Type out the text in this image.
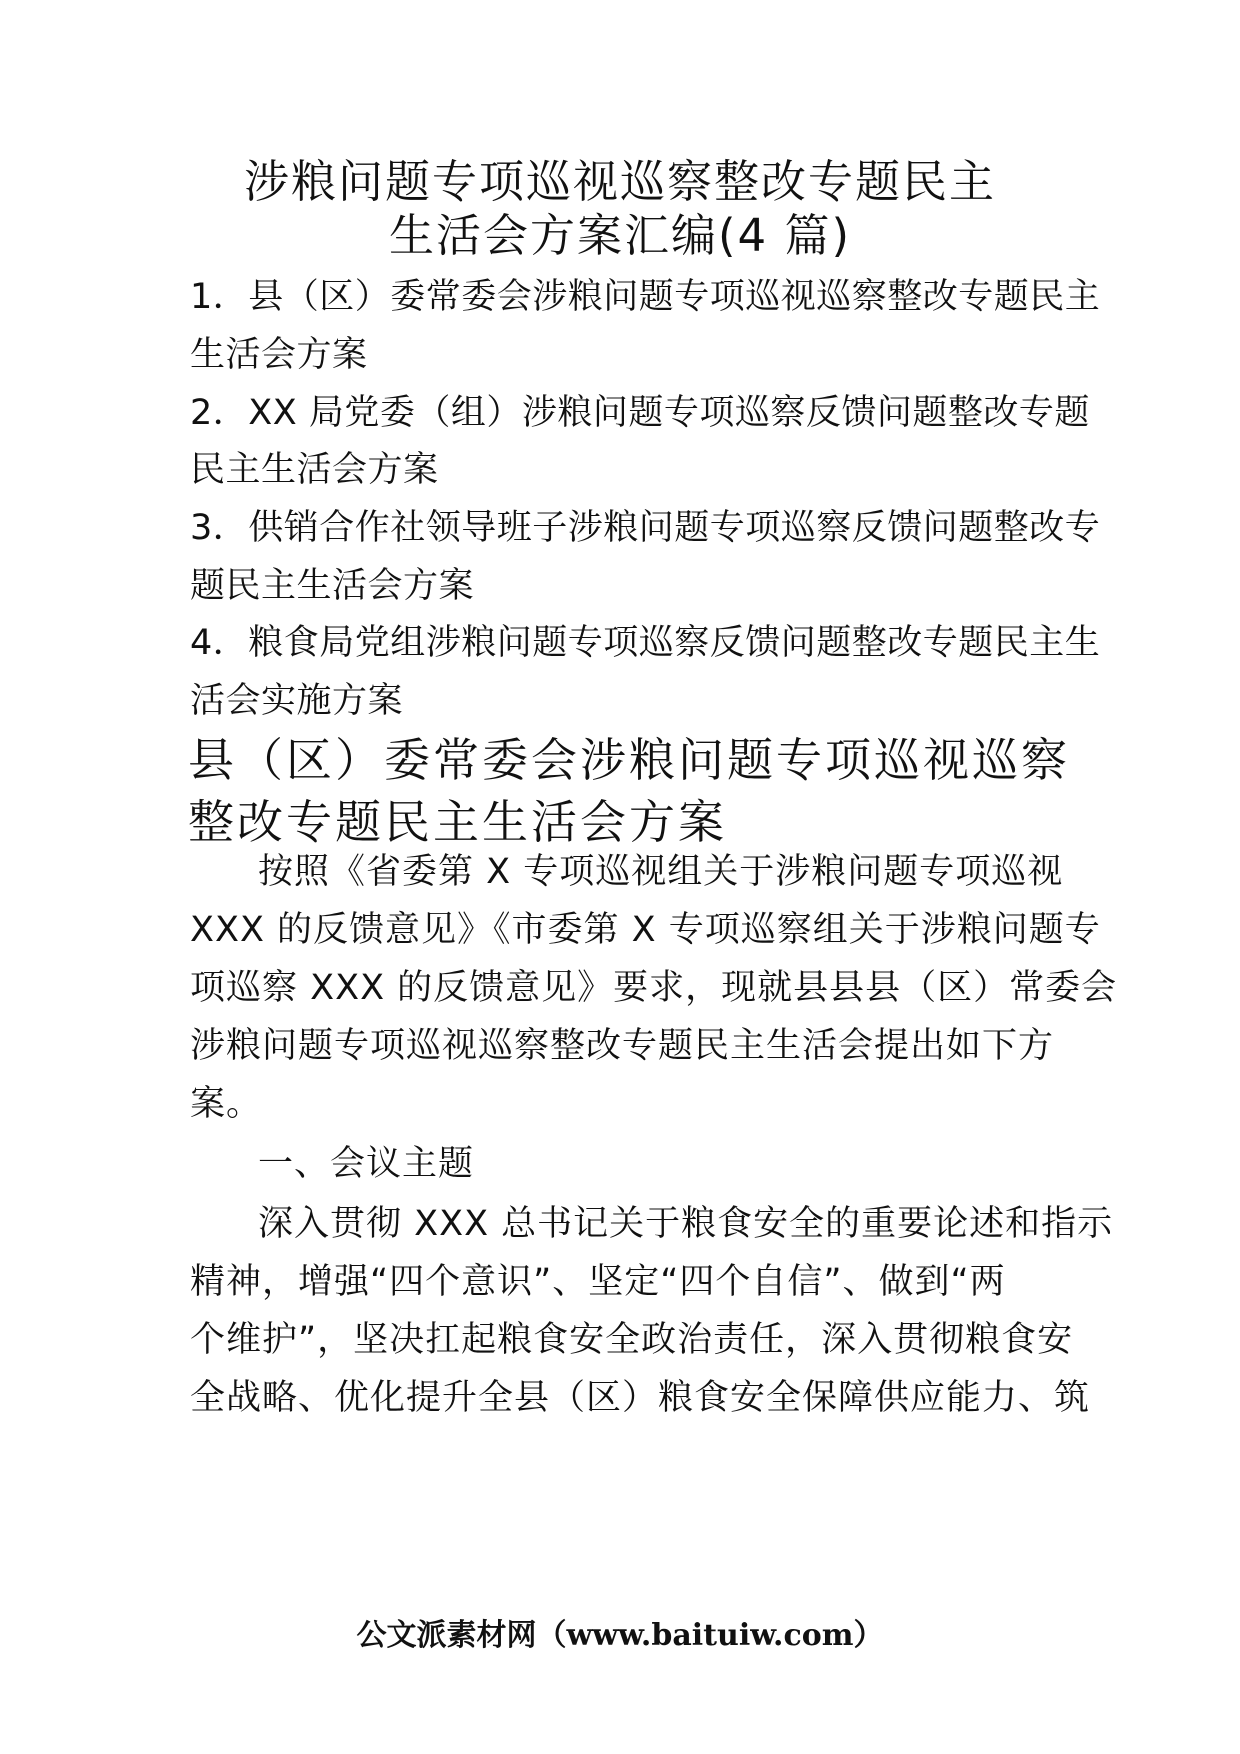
涉粮问题专项巡视巡察整改专题民主
生活会方案汇编(4 篇)

1．县（区）委常委会涉粮问题专项巡视巡察整改专题民主

生活会方案

2．XX 局党委（组）涉粮问题专项巡察反馈问题整改专题

民主生活会方案

3．供销合作社领导班子涉粮问题专项巡察反馈问题整改专

题民主生活会方案

4．粮食局党组涉粮问题专项巡察反馈问题整改专题民主生

活会实施方案

县（区）委常委会涉粮问题专项巡视巡察
整改专题民主生活会方案

按照《省委第 X 专项巡视组关于涉粮问题专项巡视

XXX 的反馈意见》《市委第 X 专项巡察组关于涉粮问题专

项巡察 XXX 的反馈意见》要求，现就县县县（区）常委会

涉粮问题专项巡视巡察整改专题民主生活会提出如下方

案。

一、会议主题

深入贯彻 XXX 总书记关于粮食安全的重要论述和指示

精神，增强“四个意识”、坚定“四个自信”、做到“两

个维护”，坚决扛起粮食安全政治责任，深入贯彻粮食安

全战略、优化提升全县（区）粮食安全保障供应能力、筑

公文派素材网（www.baituiw.com）
